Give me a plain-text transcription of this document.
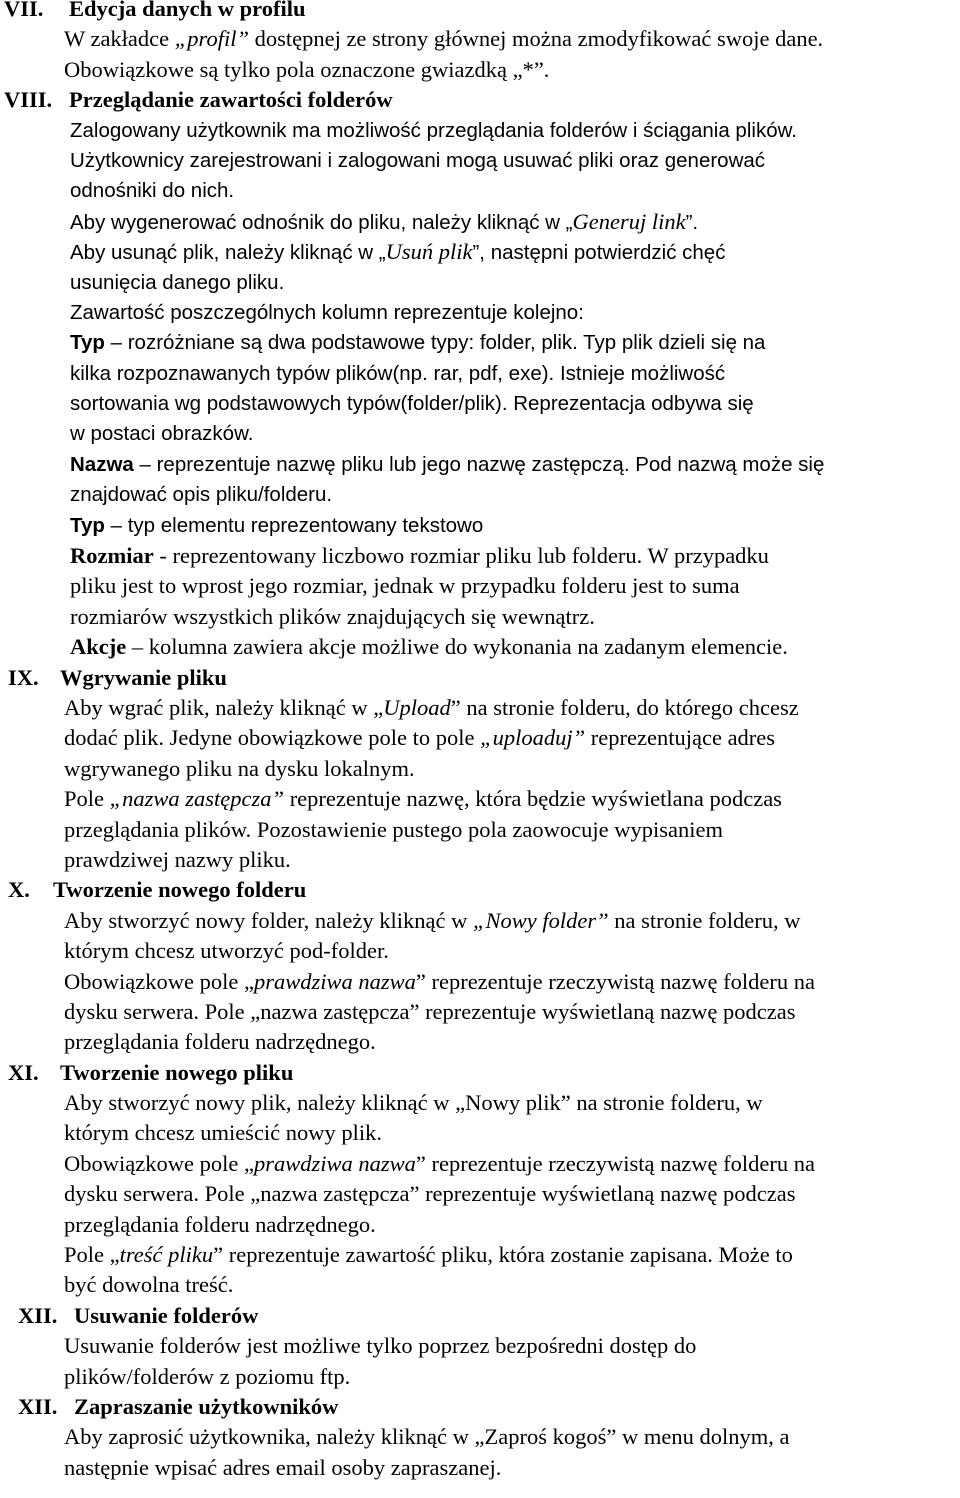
VII. Edycja danych w profilu
W zakładce „profil” dostępnej ze strony głównej można zmodyfikować swoje dane.
Obowiązkowe są tylko pola oznaczone gwiazdką „*”.
VIII. Przeglądanie zawartości folderów
Zalogowany użytkownik ma możliwość przeglądania folderów i ściągania plików.
Użytkownicy zarejestrowani i zalogowani mogą usuwać pliki oraz generować
odnośniki do nich.
Aby wygenerować odnośnik do pliku, należy kliknąć w „Generuj link”.
Aby usunąć plik, należy kliknąć w „Usuń plik”, następni potwierdzić chęć
usunięcia danego pliku.
Zawartość poszczególnych kolumn reprezentuje kolejno:
Typ – rozróżniane są dwa podstawowe typy: folder, plik. Typ plik dzieli się na
kilka rozpoznawanych typów plików(np. rar, pdf, exe). Istnieje możliwość
sortowania wg podstawowych typów(folder/plik). Reprezentacja odbywa się
w postaci obrazków.
Nazwa – reprezentuje nazwę pliku lub jego nazwę zastępczą. Pod nazwą może się
znajdować opis pliku/folderu.
Typ – typ elementu reprezentowany tekstowo
Rozmiar - reprezentowany liczbowo rozmiar pliku lub folderu. W przypadku
pliku jest to wprost jego rozmiar, jednak w przypadku folderu jest to suma
rozmiarów wszystkich plików znajdujących się wewnątrz.
Akcje – kolumna zawiera akcje możliwe do wykonania na zadanym elemencie.
IX. Wgrywanie pliku
Aby wgrać plik, należy kliknąć w „Upload” na stronie folderu, do którego chcesz
dodać plik. Jedyne obowiązkowe pole to pole „uploaduj” reprezentujące adres
wgrywanego pliku na dysku lokalnym.
Pole „nazwa zastępcza” reprezentuje nazwę, która będzie wyświetlana podczas
przeglądania plików. Pozostawienie pustego pola zaowocuje wypisaniem
prawdziwej nazwy pliku.
X. Tworzenie nowego folderu
Aby stworzyć nowy folder, należy kliknąć w „Nowy folder” na stronie folderu, w
którym chcesz utworzyć pod-folder.
Obowiązkowe pole „prawdziwa nazwa” reprezentuje rzeczywistą nazwę folderu na
dysku serwera. Pole „nazwa zastępcza” reprezentuje wyświetlaną nazwę podczas
przeglądania folderu nadrzędnego.
XI. Tworzenie nowego pliku
Aby stworzyć nowy plik, należy kliknąć w „Nowy plik” na stronie folderu, w
którym chcesz umieścić nowy plik.
Obowiązkowe pole „prawdziwa nazwa” reprezentuje rzeczywistą nazwę folderu na
dysku serwera. Pole „nazwa zastępcza” reprezentuje wyświetlaną nazwę podczas
przeglądania folderu nadrzędnego.
Pole „treść pliku” reprezentuje zawartość pliku, która zostanie zapisana. Może to
być dowolna treść.
XII. Usuwanie folderów
Usuwanie folderów jest możliwe tylko poprzez bezpośredni dostęp do
plików/folderów z poziomu ftp.
XII. Zapraszanie użytkowników
Aby zaprosić użytkownika, należy kliknąć w „Zaproś kogoś” w menu dolnym, a
następnie wpisać adres email osoby zapraszanej.
